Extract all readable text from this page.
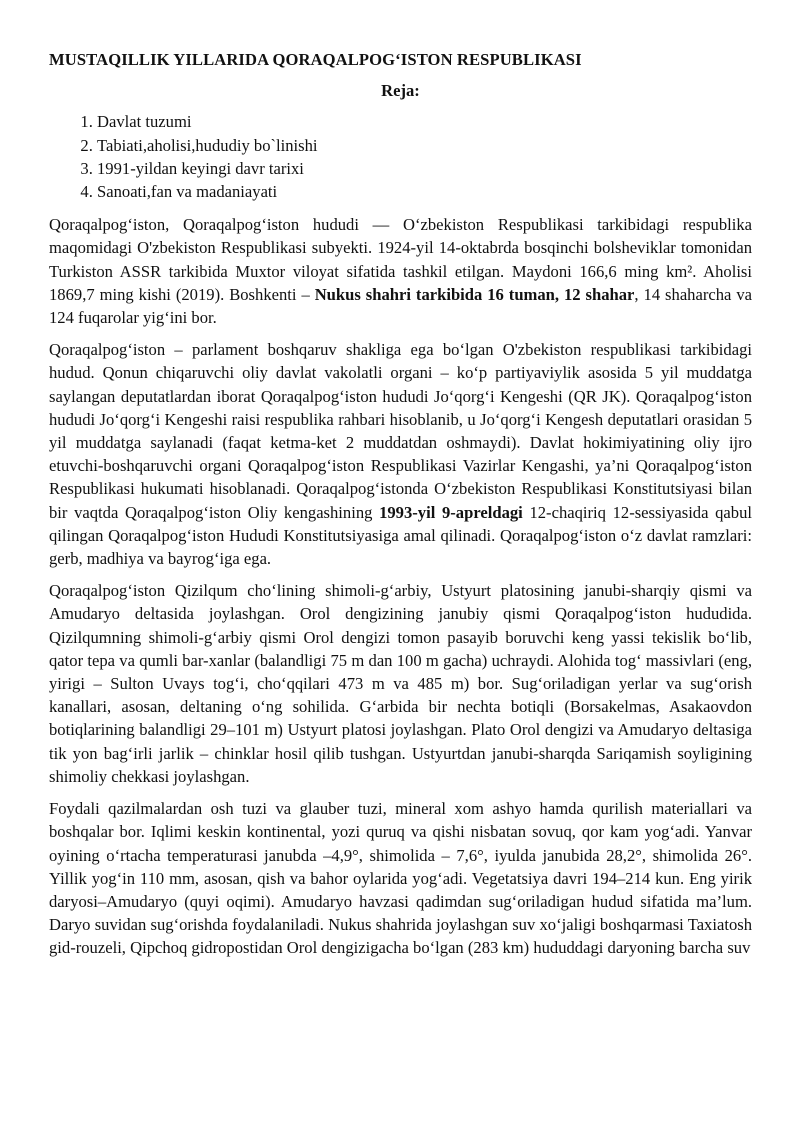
MUSTAQILLIK YILLARIDA QORAQALPOG‘ISTON RESPUBLIKASI
Reja:
1. Davlat tuzumi
2. Tabiati,aholisi,hududiy bo`linishi
3. 1991-yildan keyingi davr tarixi
4. Sanoati,fan va madaniayati

Qoraqalpog‘iston, Qoraqalpog‘iston hududi — O‘zbekiston Respublikasi tarkibidagi respublika maqomidagi O'zbekiston Respublikasi subyekti. 1924-yil 14-oktabrda bosqinchi bolsheviklar tomonidan Turkiston ASSR tarkibida Muxtor viloyat sifatida tashkil etilgan. Maydoni 166,6 ming km². Aholisi 1869,7 ming kishi (2019). Boshkenti – Nukus shahri tarkibida 16 tuman, 12 shahar, 14 shaharcha va 124 fuqarolar yig‘ini bor.

Qoraqalpog‘iston – parlament boshqaruv shakliga ega bo‘lgan O'zbekiston respublikasi tarkibidagi hudud. Qonun chiqaruvchi oliy davlat vakolatli organi – ko‘p partiyaviylik asosida 5 yil muddatga saylangan deputatlardan iborat Qoraqalpog‘iston hududi Jo‘qorg‘i Kengeshi (QR JK). Qoraqalpog‘iston hududi Jo‘qorg‘i Kengeshi raisi respublika rahbari hisoblanib, u Jo‘qorg‘i Kengesh deputatlari orasidan 5 yil muddatga saylanadi (faqat ketma-ket 2 muddatdan oshmaydi). Davlat hokimiyatining oliy ijro etuvchi-boshqaruvchi organi Qoraqalpog‘iston Respublikasi Vazirlar Kengashi, ya’ni Qoraqalpog‘iston Respublikasi hukumati hisoblanadi. Qoraqalpog‘istonda O‘zbekiston Respublikasi Konstitutsiyasi bilan bir vaqtda Qoraqalpog‘iston Oliy kengashining 1993-yil 9-apreldagi 12-chaqiriq 12-sessiyasida qabul qilingan Qoraqalpog‘iston Hududi Konstitutsiyasiga amal qilinadi. Qoraqalpog‘iston o‘z davlat ramzlari: gerb, madhiya va bayrog‘iga ega.

Qoraqalpog‘iston Qizilqum cho‘lining shimoli-g‘arbiy, Ustyurt platosining janubi-sharqiy qismi va Amudaryo deltasida joylashgan. Orol dengizining janubiy qismi Qoraqalpog‘iston hududida. Qizilqumning shimoli-g‘arbiy qismi Orol dengizi tomon pasayib boruvchi keng yassi tekislik bo‘lib, qator tepa va qumli bar-xanlar (balandligi 75 m dan 100 m gacha) uchraydi. Alohida tog‘ massivlari (eng, yirigi – Sulton Uvays tog‘i, cho‘qqilari 473 m va 485 m) bor. Sug‘oriladigan yerlar va sug‘orish kanallari, asosan, deltaning o‘ng sohilida. G‘arbida bir nechta botiqli (Borsakelmas, Asakaovdon botiqlarining balandligi 29–101 m) Ustyurt platosi joylashgan. Plato Orol dengizi va Amudaryo deltasiga tik yon bag‘irli jarlik – chinklar hosil qilib tushgan. Ustyurtdan janubi-sharqda Sariqamish soyligining shimoliy chekkasi joylashgan.

Foydali qazilmalardan osh tuzi va glauber tuzi, mineral xom ashyo hamda qurilish materiallari va boshqalar bor. Iqlimi keskin kontinental, yozi quruq va qishi nisbatan sovuq, qor kam yog‘adi. Yanvar oyining o‘rtacha temperaturasi janubda –4,9°, shimolida – 7,6°, iyulda janubida 28,2°, shimolida 26°. Yillik yog‘in 110 mm, asosan, qish va bahor oylarida yog‘adi. Vegetatsiya davri 194–214 kun. Eng yirik daryosi–Amudaryo (quyi oqimi). Amudaryo havzasi qadimdan sug‘oriladigan hudud sifatida ma’lum. Daryo suvidan sug‘orishda foydalaniladi. Nukus shahrida joylashgan suv xo‘jaligi boshqarmasi Taxiatosh gid-rouzeli, Qipchoq gidropostidan Orol dengizigacha bo‘lgan (283 km) hududdagi daryoning barcha suv
